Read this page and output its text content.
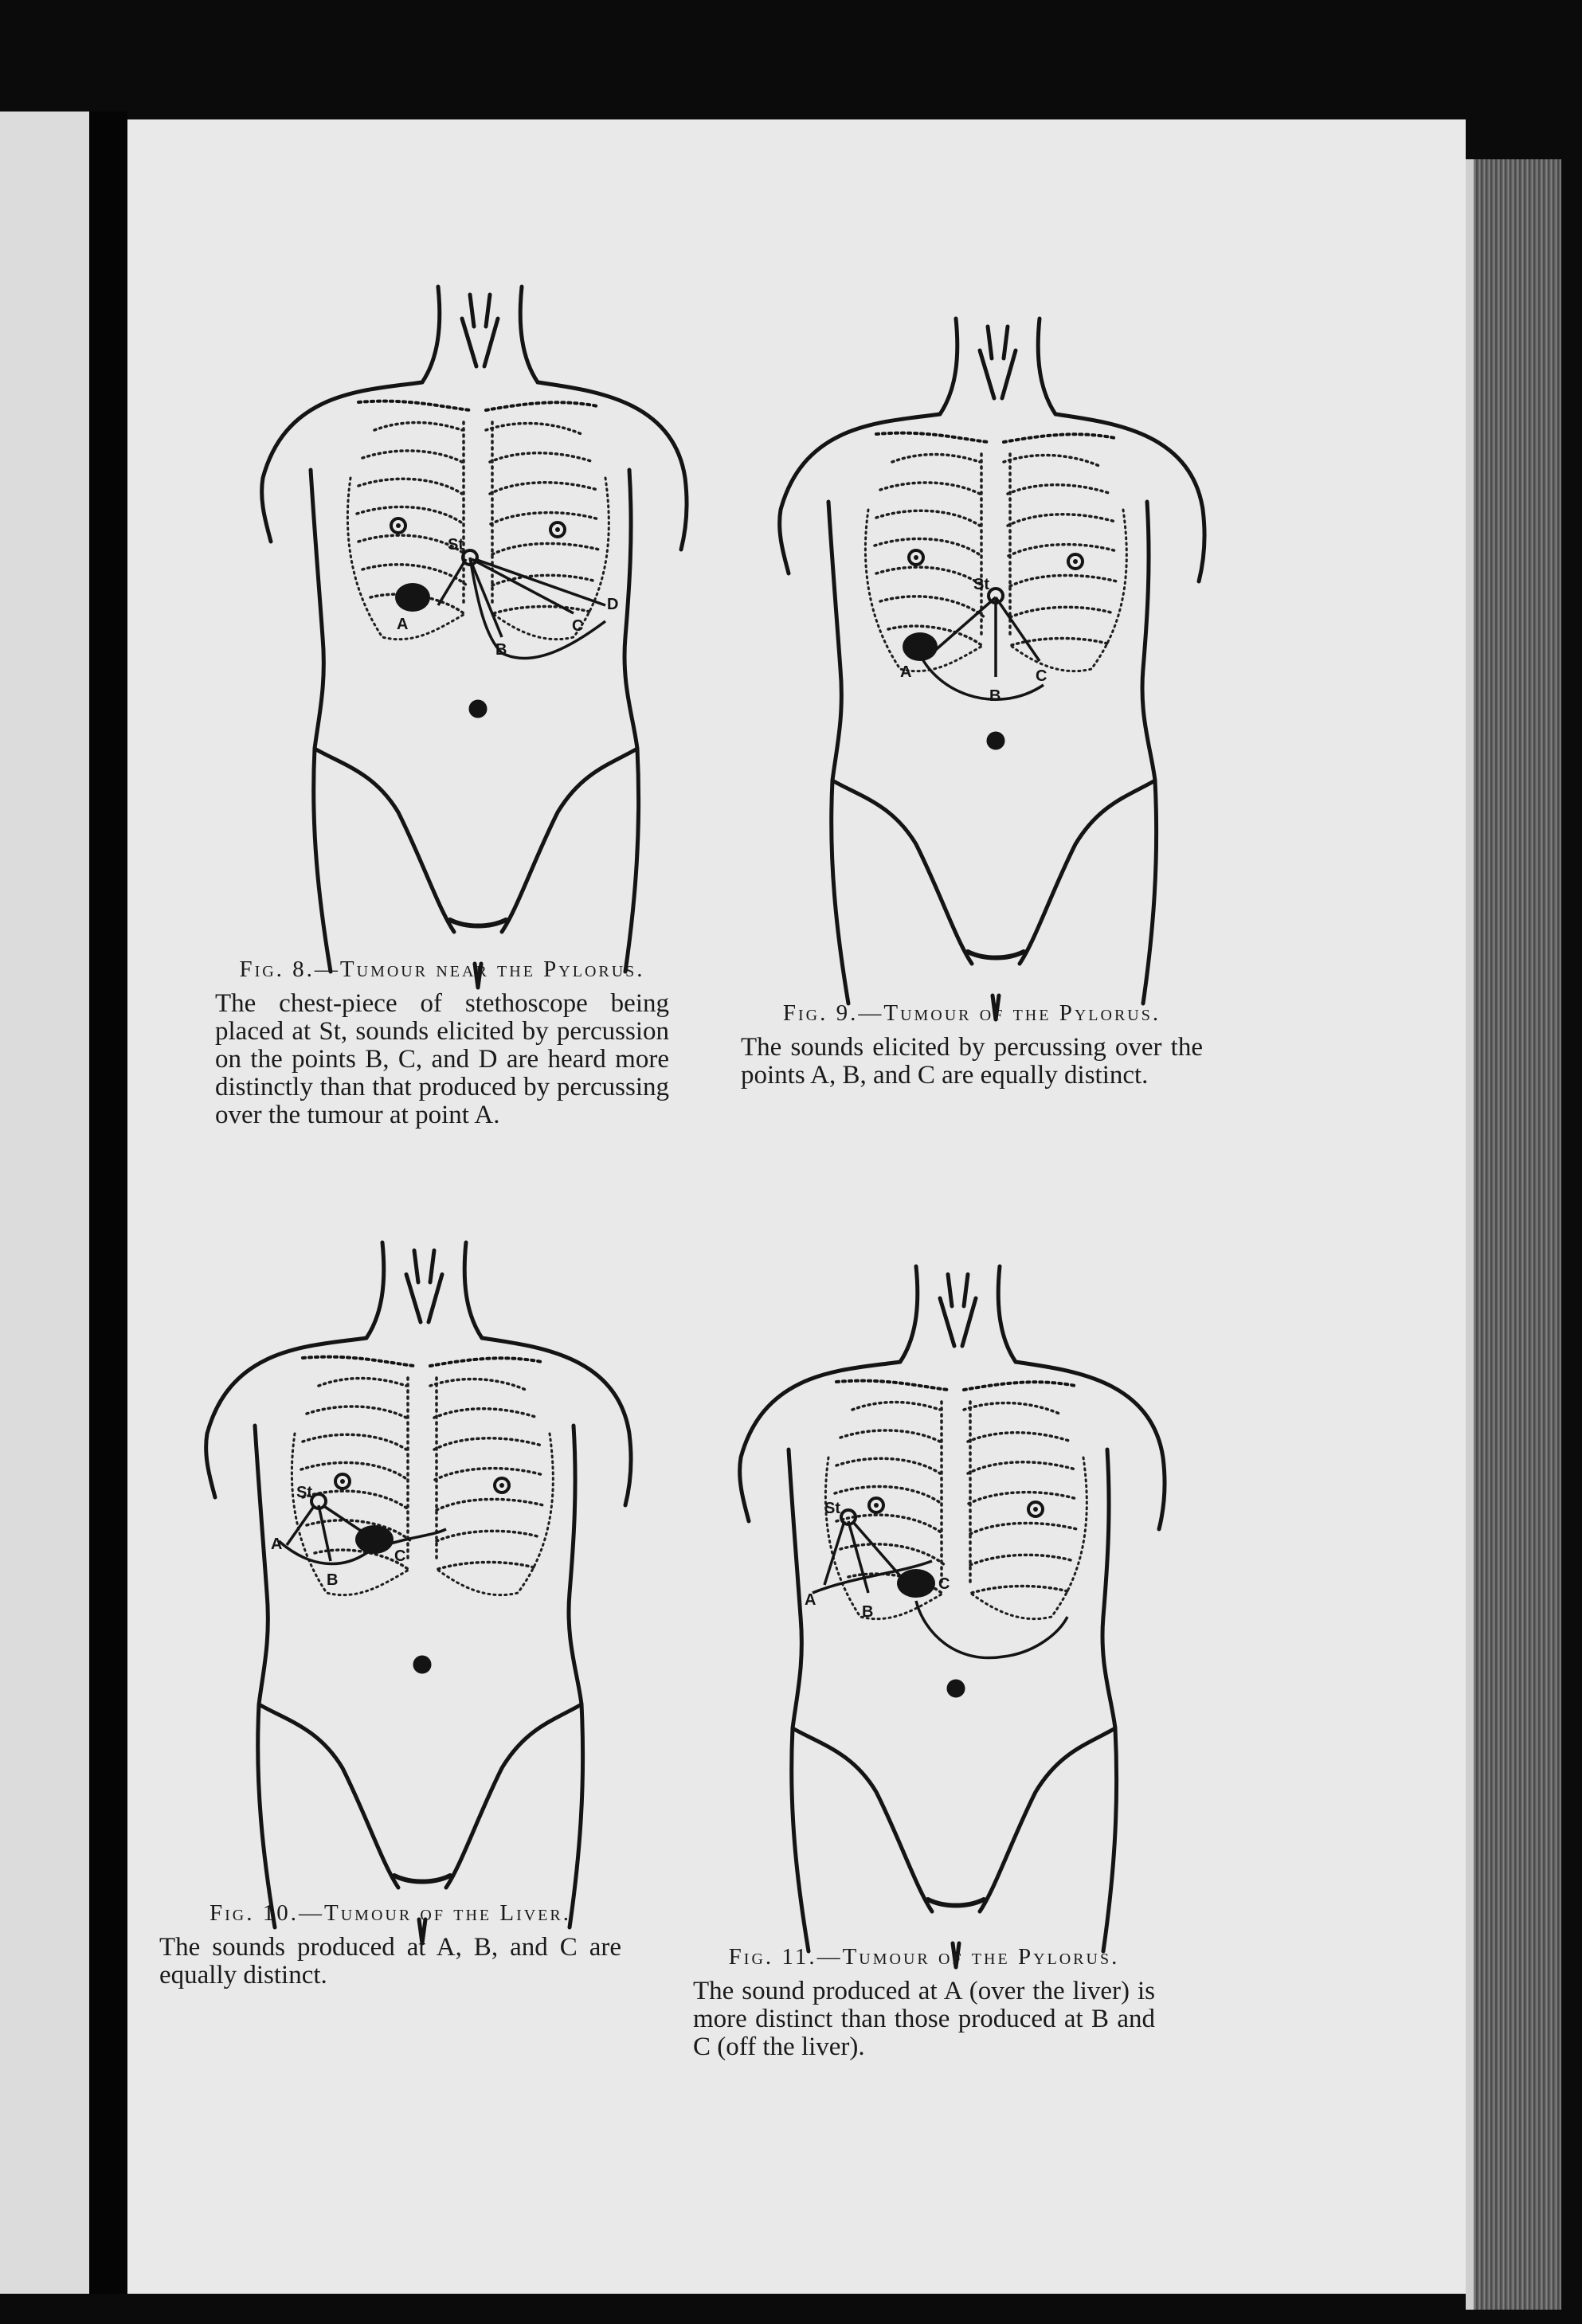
St
A
B
C
D
St
A
B
C
St
A
B
C
St
A
B
C
Fig. 8.—Tumour near the Pylorus.
The chest-piece of stethoscope being placed at St, sounds elicited by percussion on the points B, C, and D are heard more distinctly than that produced by percussing over the tumour at point A.
Fig. 9.—Tumour of the Pylorus.
The sounds elicited by percussing over the points A, B, and C are equally distinct.
Fig. 10.—Tumour of the Liver.
The sounds produced at A, B, and C are equally distinct.
Fig. 11.—Tumour of the Pylorus.
The sound produced at A (over the liver) is more distinct than those produced at B and C (off the liver).
